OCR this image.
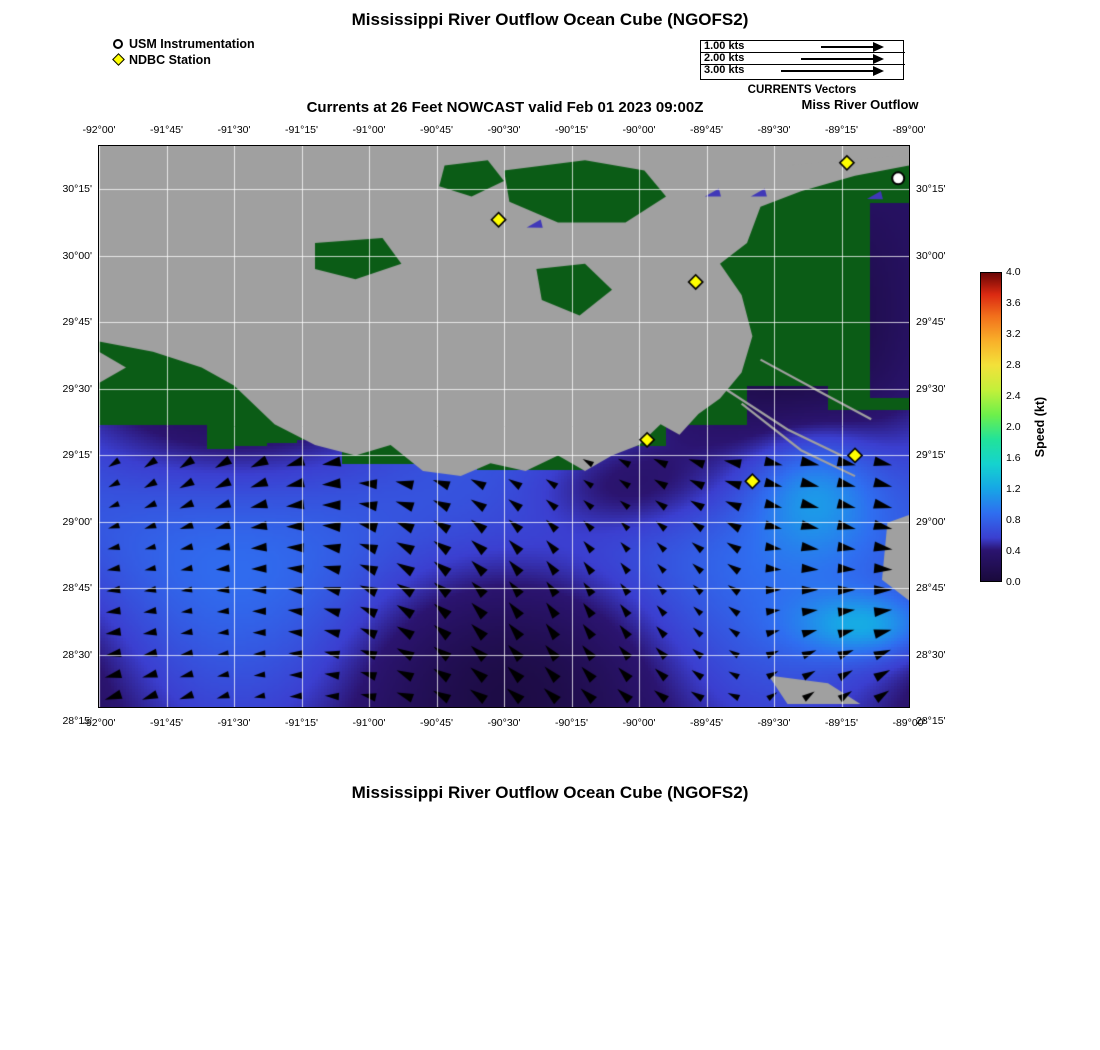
Mississippi River Outflow Ocean Cube (NGOFS2)
USM Instrumentation
NDBC Station
1.00 kts
2.00 kts
3.00 kts
CURRENTS Vectors
Currents at 26 Feet NOWCAST valid Feb 01 2023 09:00Z	Miss River Outflow
-92°00'
-92°00'
-91°45'
-91°45'
-91°30'
-91°30'
-91°15'
-91°15'
-91°00'
-91°00'
-90°45'
-90°45'
-90°30'
-90°30'
-90°15'
-90°15'
-90°00'
-90°00'
-89°45'
-89°45'
-89°30'
-89°30'
-89°15'
-89°15'
-89°00'
-89°00'
30°15'	30°15'
30°00'	30°00'
29°45'	29°45'
29°30'	29°30'
29°15'	29°15'
29°00'	29°00'
28°45'	28°45'
28°30'	28°30'
28°15'	28°15'
4.0
3.6
3.2
2.8
2.4
2.0
1.6
1.2
0.8
0.4
0.0
Speed (kt)
Mississippi River Outflow Ocean Cube (NGOFS2)
